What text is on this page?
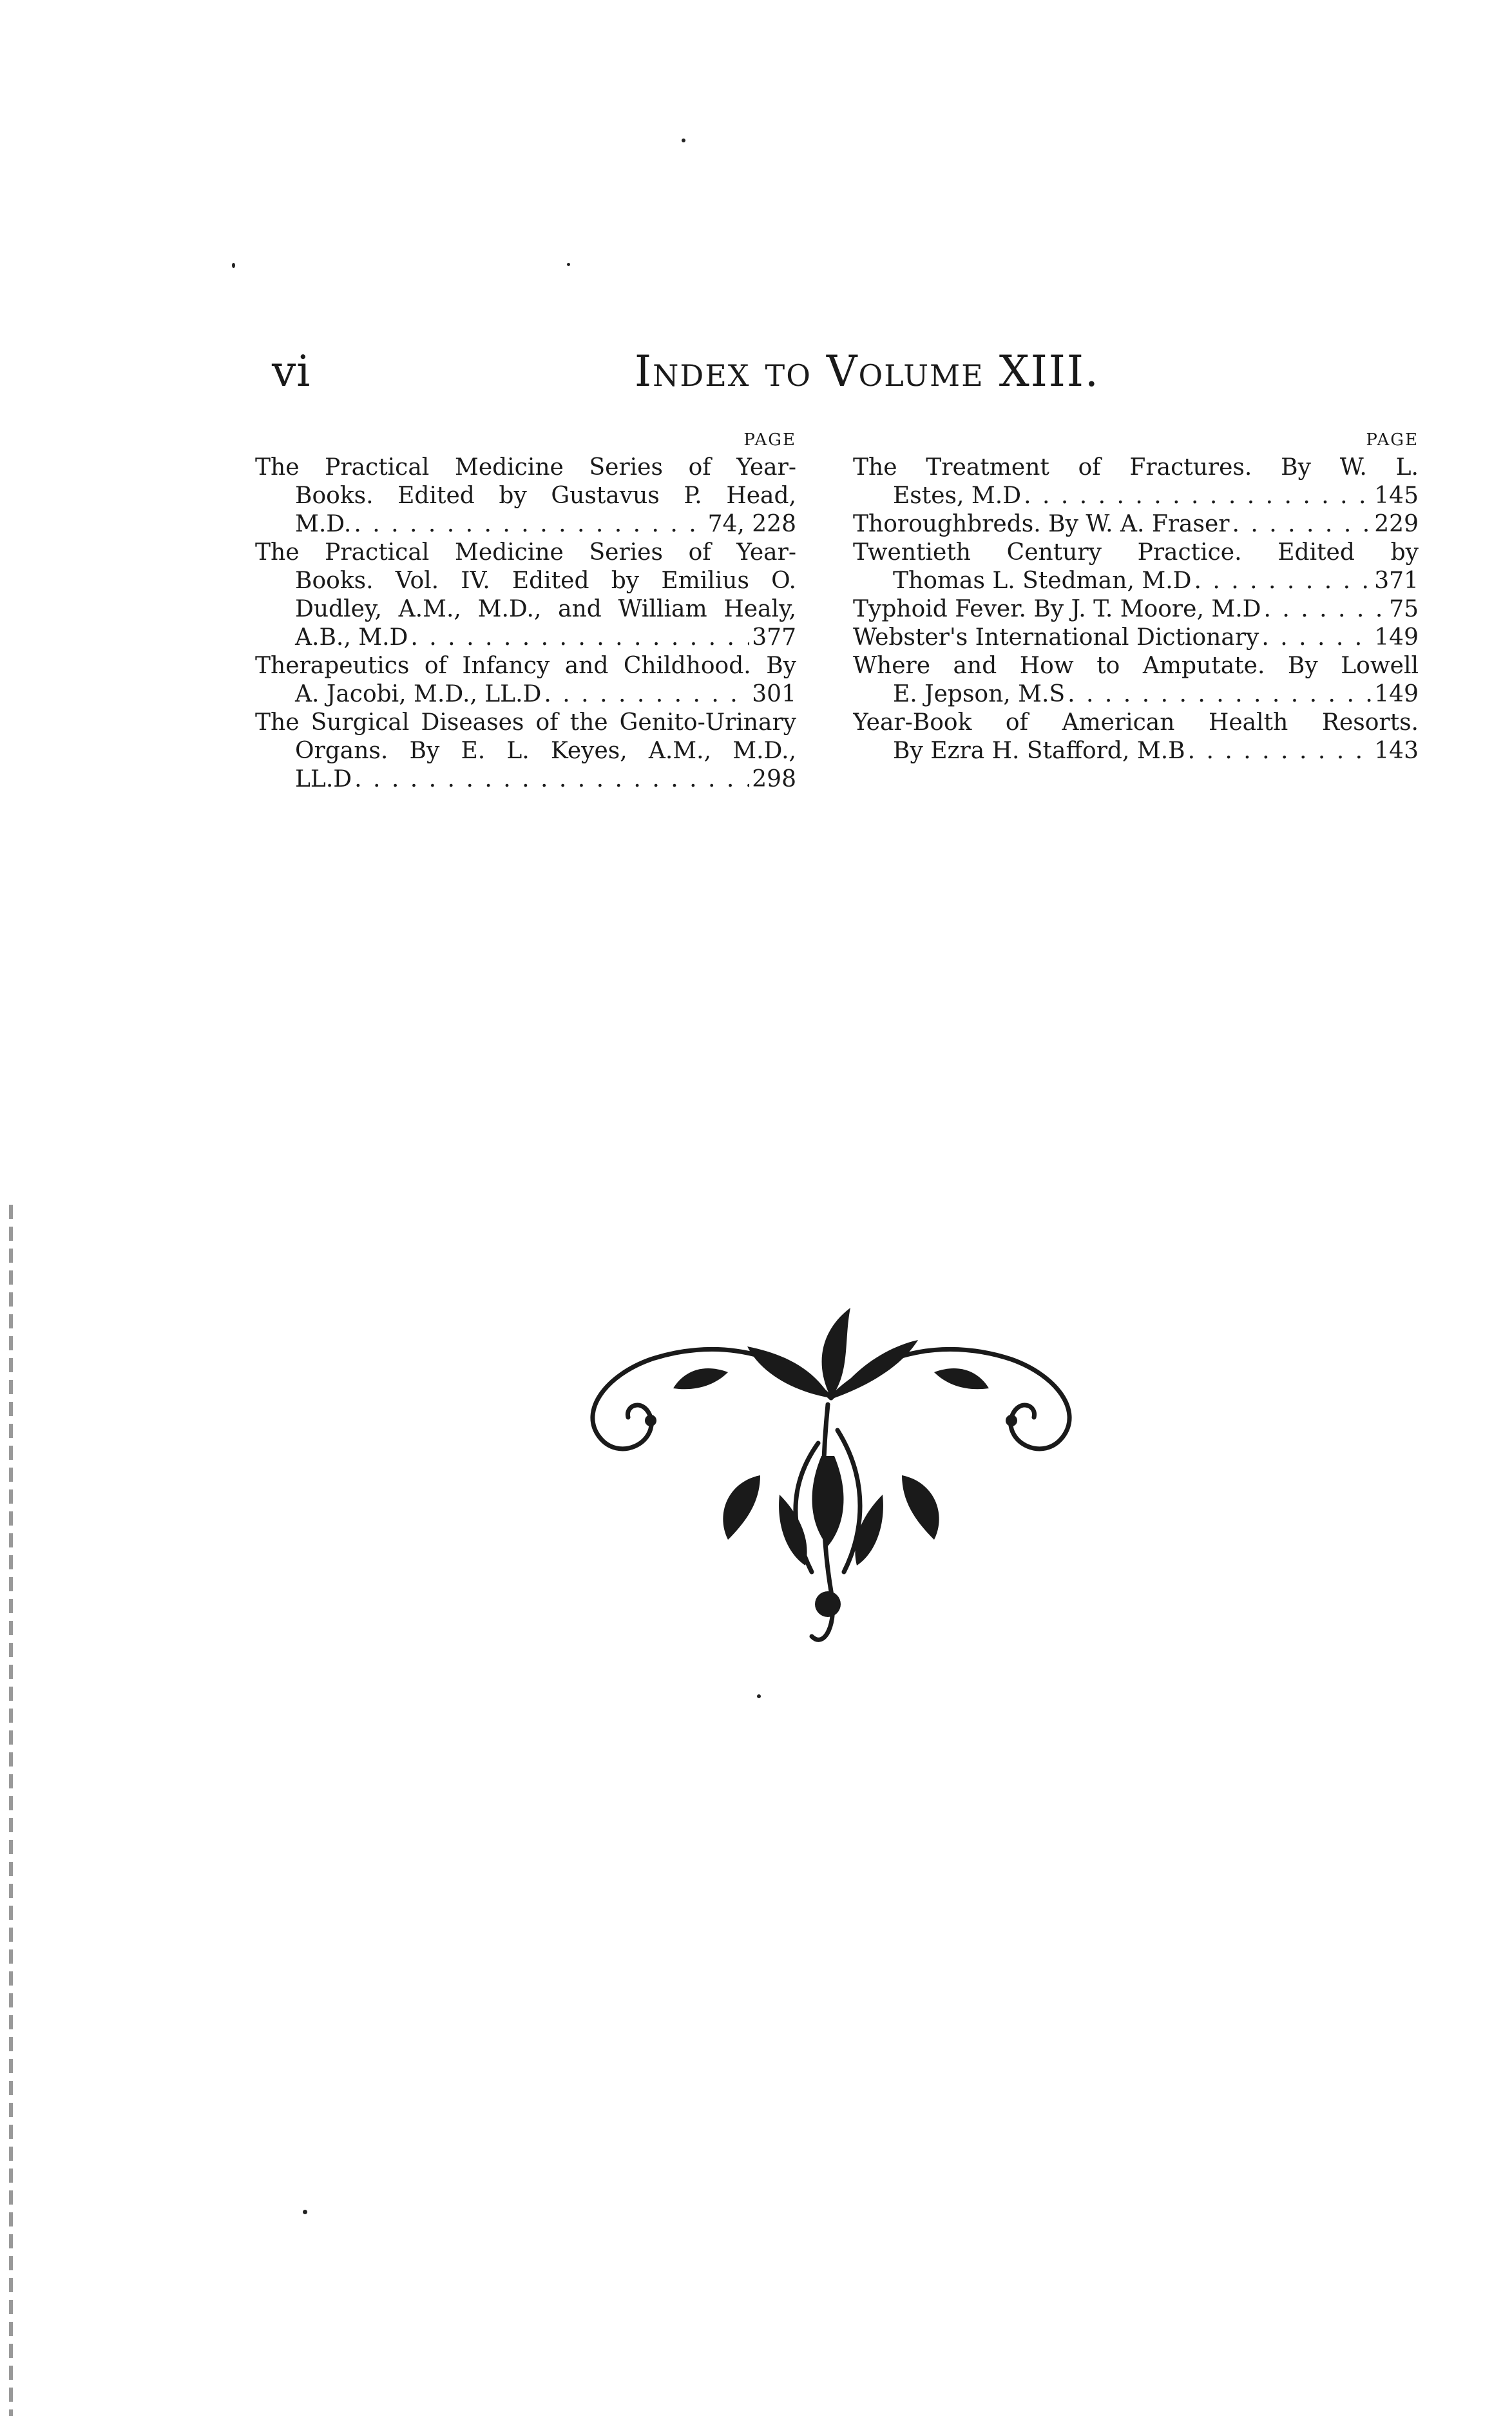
vi	Index to Volume XIII.
PAGE
The Practical Medicine Series of Year-
Books. Edited by Gustavus P. Head,
M.D. . . .	74, 228
The Practical Medicine Series of Year-
Books. Vol. IV. Edited by Emilius O.
Dudley, A.M., M.D., and William Healy,
A.B., M.D . . .	377
Therapeutics of Infancy and Childhood. By
A. Jacobi, M.D., LL.D . . .	301
The Surgical Diseases of the Genito-Urinary
Organs. By E. L. Keyes, A.M., M.D.,
LL.D . . .	298
PAGE
The Treatment of Fractures. By W. L.
Estes, M.D . . .	145
Thoroughbreds. By W. A. Fraser . . .	229
Twentieth Century Practice. Edited by
Thomas L. Stedman, M.D . . .	371
Typhoid Fever. By J. T. Moore, M.D . . .	75
Webster's International Dictionary . . .	149
Where and How to Amputate. By Lowell
E. Jepson, M.S . . .	149
Year-Book of American Health Resorts.
By Ezra H. Stafford, M.B . . .	143
